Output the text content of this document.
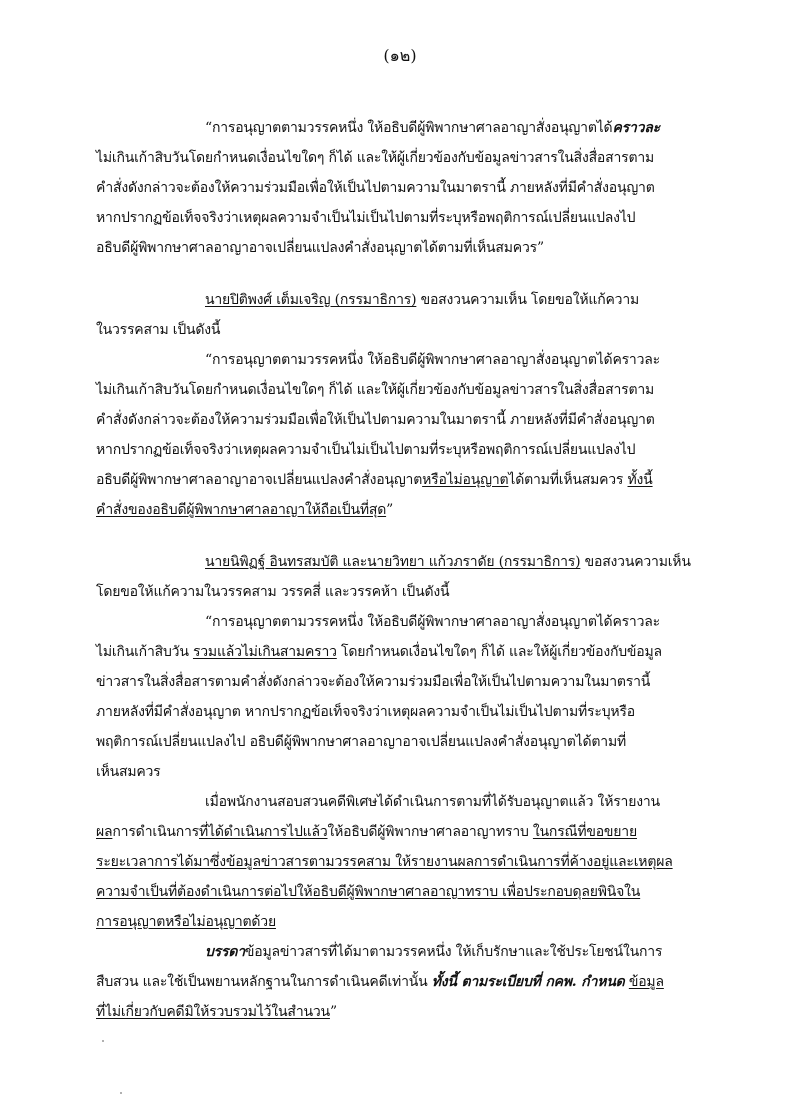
(๑๒)
“การอนุญาตตามวรรคหนึ่ง ให้อธิบดีผู้พิพากษาศาลอาญาสั่งอนุญาตได้คราวละ
ไม่เกินเก้าสิบวันโดยกำหนดเงื่อนไขใดๆ ก็ได้ และให้ผู้เกี่ยวข้องกับข้อมูลข่าวสารในสิ่งสื่อสารตาม
คำสั่งดังกล่าวจะต้องให้ความร่วมมือเพื่อให้เป็นไปตามความในมาตรานี้ ภายหลังที่มีคำสั่งอนุญาต
หากปรากฏข้อเท็จจริงว่าเหตุผลความจำเป็นไม่เป็นไปตามที่ระบุหรือพฤติการณ์เปลี่ยนแปลงไป
อธิบดีผู้พิพากษาศาลอาญาอาจเปลี่ยนแปลงคำสั่งอนุญาตได้ตามที่เห็นสมควร”
นายปิติพงศ์ เต็มเจริญ (กรรมาธิการ) ขอสงวนความเห็น โดยขอให้แก้ความ
ในวรรคสาม เป็นดังนี้
“การอนุญาตตามวรรคหนึ่ง ให้อธิบดีผู้พิพากษาศาลอาญาสั่งอนุญาตได้คราวละ
ไม่เกินเก้าสิบวันโดยกำหนดเงื่อนไขใดๆ ก็ได้ และให้ผู้เกี่ยวข้องกับข้อมูลข่าวสารในสิ่งสื่อสารตาม
คำสั่งดังกล่าวจะต้องให้ความร่วมมือเพื่อให้เป็นไปตามความในมาตรานี้ ภายหลังที่มีคำสั่งอนุญาต
หากปรากฏข้อเท็จจริงว่าเหตุผลความจำเป็นไม่เป็นไปตามที่ระบุหรือพฤติการณ์เปลี่ยนแปลงไป
อธิบดีผู้พิพากษาศาลอาญาอาจเปลี่ยนแปลงคำสั่งอนุญาตหรือไม่อนุญาตได้ตามที่เห็นสมควร ทั้งนี้
คำสั่งของอธิบดีผู้พิพากษาศาลอาญาให้ถือเป็นที่สุด”
นายนิพิฏฐ์ อินทรสมบัติ และนายวิทยา แก้วภราดัย (กรรมาธิการ) ขอสงวนความเห็น
โดยขอให้แก้ความในวรรคสาม วรรคสี่ และวรรคห้า เป็นดังนี้
“การอนุญาตตามวรรคหนึ่ง ให้อธิบดีผู้พิพากษาศาลอาญาสั่งอนุญาตได้คราวละ
ไม่เกินเก้าสิบวัน รวมแล้วไม่เกินสามคราว โดยกำหนดเงื่อนไขใดๆ ก็ได้ และให้ผู้เกี่ยวข้องกับข้อมูล
ข่าวสารในสิ่งสื่อสารตามคำสั่งดังกล่าวจะต้องให้ความร่วมมือเพื่อให้เป็นไปตามความในมาตรานี้
ภายหลังที่มีคำสั่งอนุญาต หากปรากฏข้อเท็จจริงว่าเหตุผลความจำเป็นไม่เป็นไปตามที่ระบุหรือ
พฤติการณ์เปลี่ยนแปลงไป อธิบดีผู้พิพากษาศาลอาญาอาจเปลี่ยนแปลงคำสั่งอนุญาตได้ตามที่
เห็นสมควร
เมื่อพนักงานสอบสวนคดีพิเศษได้ดำเนินการตามที่ได้รับอนุญาตแล้ว ให้รายงาน
ผลการดำเนินการที่ได้ดำเนินการไปแล้วให้อธิบดีผู้พิพากษาศาลอาญาทราบ ในกรณีที่ขอขยาย
ระยะเวลาการได้มาซึ่งข้อมูลข่าวสารตามวรรคสาม ให้รายงานผลการดำเนินการที่ค้างอยู่และเหตุผล
ความจำเป็นที่ต้องดำเนินการต่อไปให้อธิบดีผู้พิพากษาศาลอาญาทราบ เพื่อประกอบดุลยพินิจใน
การอนุญาตหรือไม่อนุญาตด้วย
บรรดาข้อมูลข่าวสารที่ได้มาตามวรรคหนึ่ง ให้เก็บรักษาและใช้ประโยชน์ในการ
สืบสวน และใช้เป็นพยานหลักฐานในการดำเนินคดีเท่านั้น ทั้งนี้ ตามระเบียบที่ กคพ. กำหนด ข้อมูล
ที่ไม่เกี่ยวกับคดีมิให้รวบรวมไว้ในสำนวน”
